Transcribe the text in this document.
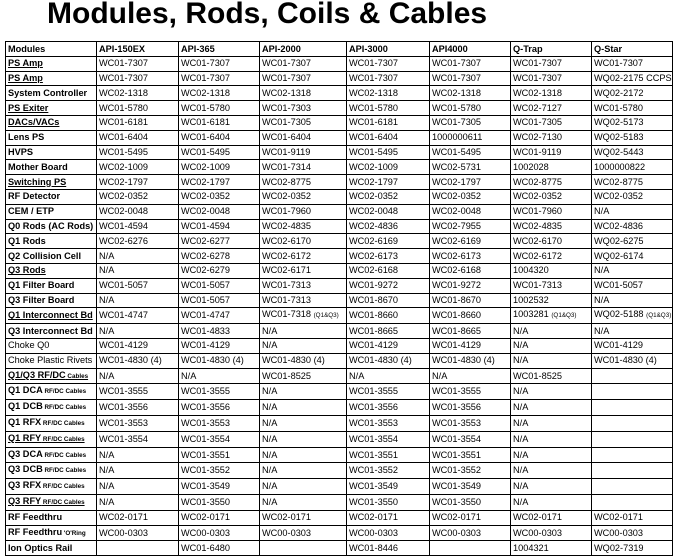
Modules, Rods, Coils & Cables
Modules	API-150EX	API-365	API-2000	API-3000	API4000	Q-Trap	Q-Star
PS Amp	WC01-7307	WC01-7307	WC01-7307	WC01-7307	WC01-7307	WC01-7307	WC01-7307
PS Amp	WC01-7307	WC01-7307	WC01-7307	WC01-7307	WC01-7307	WC01-7307	WQ02-2175 CCPS
System Controller	WC02-1318	WC02-1318	WC02-1318	WC02-1318	WC02-1318	WC02-1318	WQ02-2172
PS Exiter	WC01-5780	WC01-5780	WC01-7303	WC01-5780	WC01-5780	WC02-7127	WC01-5780
DACs/VACs	WC01-6181	WC01-6181	WC01-7305	WC01-6181	WC01-7305	WC01-7305	WQ02-5173
Lens PS	WC01-6404	WC01-6404	WC01-6404	WC01-6404	1000000611	WC02-7130	WQ02-5183
HVPS	WC01-5495	WC01-5495	WC01-9119	WC01-5495	WC01-5495	WC01-9119	WQ02-5443
Mother Board	WC02-1009	WC02-1009	WC01-7314	WC02-1009	WC02-5731	1002028	1000000822
Switching PS	WC02-1797	WC02-1797	WC02-8775	WC02-1797	WC02-1797	WC02-8775	WC02-8775
RF Detector	WC02-0352	WC02-0352	WC02-0352	WC02-0352	WC02-0352	WC02-0352	WC02-0352
CEM / ETP	WC02-0048	WC02-0048	WC01-7960	WC02-0048	WC02-0048	WC01-7960	N/A
Q0 Rods (AC Rods)	WC01-4594	WC01-4594	WC02-4835	WC02-4836	WC02-7955	WC02-4835	WC02-4836
Q1 Rods	WC02-6276	WC02-6277	WC02-6170	WC02-6169	WC02-6169	WC02-6170	WQ02-6275
Q2 Collision Cell	N/A	WC02-6278	WC02-6172	WC02-6173	WC02-6173	WC02-6172	WQ02-6174
Q3 Rods	N/A	WC02-6279	WC02-6171	WC02-6168	WC02-6168	1004320	N/A
Q1 Filter Board	WC01-5057	WC01-5057	WC01-7313	WC01-9272	WC01-9272	WC01-7313	WC01-5057
Q3 Filter Board	N/A	WC01-5057	WC01-7313	WC01-8670	WC01-8670	1002532	N/A
Q1 Interconnect Bd	WC01-4747	WC01-4747	WC01-7318 (Q1&Q3)	WC01-8660	WC01-8660	1003281 (Q1&Q3)	WQ02-5188 (Q1&Q3)
Q3 Interconnect Bd	N/A	WC01-4833	N/A	WC01-8665	WC01-8665	N/A	N/A
Choke Q0	WC01-4129	WC01-4129	N/A	WC01-4129	WC01-4129	N/A	WC01-4129
Choke Plastic Rivets	WC01-4830 (4)	WC01-4830 (4)	WC01-4830 (4)	WC01-4830 (4)	WC01-4830 (4)	N/A	WC01-4830 (4)
Q1/Q3 RF/DC Cables	N/A	N/A	WC01-8525	N/A	N/A	WC01-8525	
Q1 DCA RF/DC Cables	WC01-3555	WC01-3555	N/A	WC01-3555	WC01-3555	N/A	
Q1 DCB RF/DC Cables	WC01-3556	WC01-3556	N/A	WC01-3556	WC01-3556	N/A	
Q1 RFX RF/DC Cables	WC01-3553	WC01-3553	N/A	WC01-3553	WC01-3553	N/A	
Q1 RFY RF/DC Cables	WC01-3554	WC01-3554	N/A	WC01-3554	WC01-3554	N/A	
Q3 DCA RF/DC Cables	N/A	WC01-3551	N/A	WC01-3551	WC01-3551	N/A	
Q3 DCB RF/DC Cables	N/A	WC01-3552	N/A	WC01-3552	WC01-3552	N/A	
Q3 RFX RF/DC Cables	N/A	WC01-3549	N/A	WC01-3549	WC01-3549	N/A	
Q3 RFY RF/DC Cables	N/A	WC01-3550	N/A	WC01-3550	WC01-3550	N/A	
RF Feedthru	WC02-0171	WC02-0171	WC02-0171	WC02-0171	WC02-0171	WC02-0171	WC02-0171
RF Feedthru 'O'Ring	WC00-0303	WC00-0303	WC00-0303	WC00-0303	WC00-0303	WC00-0303	WC00-0303
Ion Optics Rail		WC01-6480		WC01-8446		1004321	WQ02-7319
